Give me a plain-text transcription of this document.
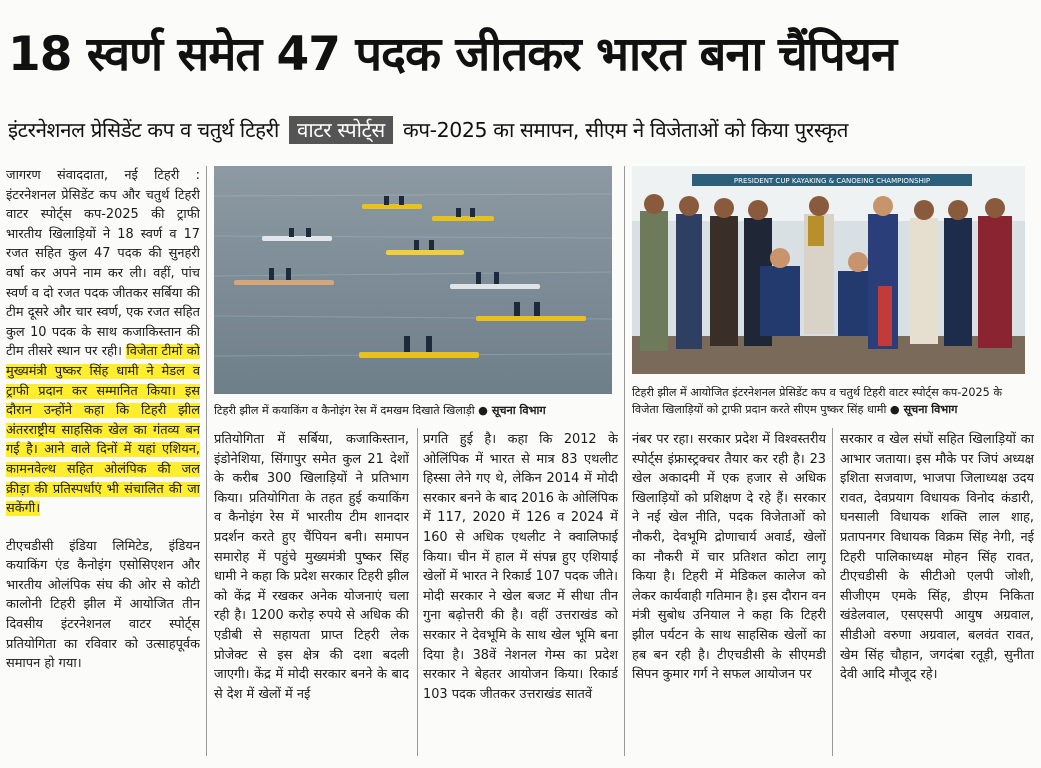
18 स्वर्ण समेत 47 पदक जीतकर भारत बना चैंपियन
इंटरनेशनल प्रेसिडेंट कप व चतुर्थ टिहरी वाटर स्पोर्ट्स कप-2025 का समापन, सीएम ने विजेताओं को किया पुरस्कृत

जागरण संवाददाता, नई टिहरी : इंटरनेशनल प्रेसिडेंट कप और चतुर्थ टिहरी वाटर स्पोर्ट्स कप-2025 की ट्राफी भारतीय खिलाड़ियों ने 18 स्वर्ण व 17 रजत सहित कुल 47 पदक की सुनहरी वर्षा कर अपने नाम कर ली। वहीं, पांच स्वर्ण व दो रजत पदक जीतकर सर्बिया की टीम दूसरे और चार स्वर्ण, एक रजत सहित कुल 10 पदक के साथ कजाकिस्तान की टीम तीसरे स्थान पर रही। विजेता टीमों को मुख्यमंत्री पुष्कर सिंह धामी ने मेडल व ट्राफी प्रदान कर सम्मानित किया। इस दौरान उन्होंने कहा कि टिहरी झील अंतरराष्ट्रीय साहसिक खेल का गंतव्य बन गई है। आने वाले दिनों में यहां एशियन, कामनवेल्थ सहित ओलंपिक की जल क्रीड़ा की प्रतिस्पर्धाएं भी संचालित की जा सकेंगी।

टीएचडीसी इंडिया लिमिटेड, इंडियन कयाकिंग एंड कैनोइंग एसोसिएशन और भारतीय ओलंपिक संघ की ओर से कोटी कालोनी टिहरी झील में आयोजित तीन दिवसीय इंटरनेशनल वाटर स्पोर्ट्स प्रतियोगिता का रविवार को उत्साहपूर्वक समापन हो गया।

टिहरी झील में कयाकिंग व कैनोइंग रेस में दमखम दिखाते खिलाड़ी ● सूचना विभाग
PRESIDENT CUP KAYAKING & CANOEING CHAMPIONSHIP
टिहरी झील में आयोजित इंटरनेशनल प्रेसिडेंट कप व चतुर्थ टिहरी वाटर स्पोर्ट्स कप-2025 के विजेता खिलाड़ियों को ट्राफी प्रदान करते सीएम पुष्कर सिंह धामी ● सूचना विभाग
प्रतियोगिता में सर्बिया, कजाकिस्तान, इंडोनेशिया, सिंगापुर समेत कुल 21 देशों के करीब 300 खिलाड़ियों ने प्रतिभाग किया। प्रतियोगिता के तहत हुई कयाकिंग व कैनोइंग रेस में भारतीय टीम शानदार प्रदर्शन करते हुए चैंपियन बनी। समापन समारोह में पहुंचे मुख्यमंत्री पुष्कर सिंह धामी ने कहा कि प्रदेश सरकार टिहरी झील को केंद्र में रखकर अनेक योजनाएं चला रही है। 1200 करोड़ रुपये से अधिक की एडीबी से सहायता प्राप्त टिहरी लेक प्रोजेक्ट से इस क्षेत्र की दशा बदली जाएगी। केंद्र में मोदी सरकार बनने के बाद से देश में खेलों में नई
प्रगति हुई है। कहा कि 2012 के ओलिंपिक में भारत से मात्र 83 एथलीट हिस्सा लेने गए थे, लेकिन 2014 में मोदी सरकार बनने के बाद 2016 के ओलिंपिक में 117, 2020 में 126 व 2024 में 160 से अधिक एथलीट ने क्वालिफाई किया। चीन में हाल में संपन्न हुए एशियाई खेलों में भारत ने रिकार्ड 107 पदक जीते। मोदी सरकार ने खेल बजट में सीधा तीन गुना बढ़ोत्तरी की है। वहीं उत्तराखंड को सरकार ने देवभूमि के साथ खेल भूमि बना दिया है। 38वें नेशनल गेम्स का प्रदेश सरकार ने बेहतर आयोजन किया। रिकार्ड 103 पदक जीतकर उत्तराखंड सातवें
नंबर पर रहा। सरकार प्रदेश में विश्वस्तरीय स्पोर्ट्स इंफ्रास्ट्रक्चर तैयार कर रही है। 23 खेल अकादमी में एक हजार से अधिक खिलाड़ियों को प्रशिक्षण दे रहे हैं। सरकार ने नई खेल नीति, पदक विजेताओं को नौकरी, देवभूमि द्रोणाचार्य अवार्ड, खेलों का नौकरी में चार प्रतिशत कोटा लागू किया है। टिहरी में मेडिकल कालेज को लेकर कार्यवाही गतिमान है। इस दौरान वन मंत्री सुबोध उनियाल ने कहा कि टिहरी झील पर्यटन के साथ साहसिक खेलों का हब बन रही है। टीएचडीसी के सीएमडी सिपन कुमार गर्ग ने सफल आयोजन पर
सरकार व खेल संघों सहित खिलाड़ियों का आभार जताया। इस मौके पर जिपं अध्यक्ष इशिता सजवाण, भाजपा जिलाध्यक्ष उदय रावत, देवप्रयाग विधायक विनोद कंडारी, घनसाली विधायक शक्ति लाल शाह, प्रतापनगर विधायक विक्रम सिंह नेगी, नई टिहरी पालिकाध्यक्ष मोहन सिंह रावत, टीएचडीसी के सीटीओ एलपी जोशी, सीजीएम एमके सिंह, डीएम निकिता खंडेलवाल, एसएसपी आयुष अग्रवाल, सीडीओ वरुणा अग्रवाल, बलवंत रावत, खेम सिंह चौहान, जगदंबा रतूड़ी, सुनीता देवी आदि मौजूद रहे।
